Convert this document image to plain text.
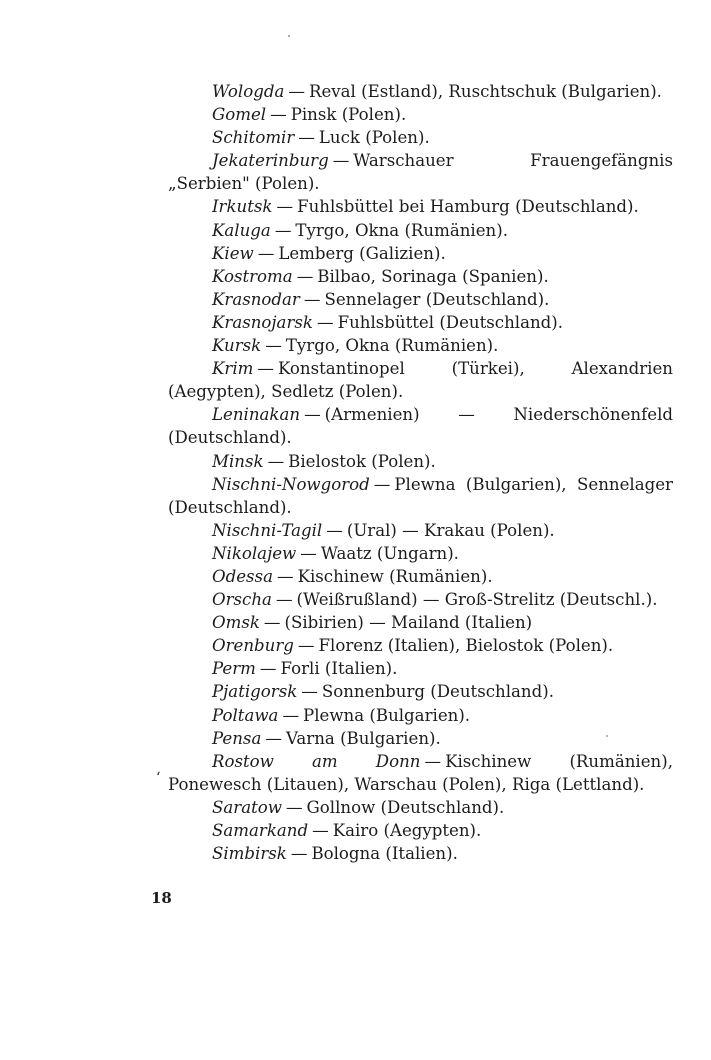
Wologda — Reval (Estland), Ruschtschuk (Bulgarien).

Gomel — Pinsk (Polen).

Schitomir — Luck (Polen).

Jekaterinburg — Warschauer Frauengefängnis „Serbien" (Polen).

Irkutsk — Fuhlsbüttel bei Hamburg (Deutschland).

Kaluga — Tyrgo, Okna (Rumänien).

Kiew — Lemberg (Galizien).

Kostroma — Bilbao, Sorinaga (Spanien).

Krasnodar — Sennelager (Deutschland).

Krasnojarsk — Fuhlsbüttel (Deutschland).

Kursk — Tyrgo, Okna (Rumänien).

Krim — Konstantinopel (Türkei), Alexandrien (Aegypten), Sedletz (Polen).

Leninakan — (Armenien) — Niederschönenfeld (Deutschland).

Minsk — Bielostok (Polen).

Nischni-Nowgorod — Plewna (Bulgarien), Sennelager (Deutschland).

Nischni-Tagil — (Ural) — Krakau (Polen).

Nikolajew — Waatz (Ungarn).

Odessa — Kischinew (Rumänien).

Orscha — (Weißrußland) — Groß-Strelitz (Deutschl.).

Omsk — (Sibirien) — Mailand (Italien)

Orenburg — Florenz (Italien), Bielostok (Polen).

Perm — Forli (Italien).

Pjatigorsk — Sonnenburg (Deutschland).

Poltawa — Plewna (Bulgarien).

Pensa — Varna (Bulgarien).

Rostow am Donn — Kischinew (Rumänien), Ponewesch (Litauen), Warschau (Polen), Riga (Lettland).

Saratow — Gollnow (Deutschland).

Samarkand — Kairo (Aegypten).

Simbirsk — Bologna (Italien).

ʻ
18
